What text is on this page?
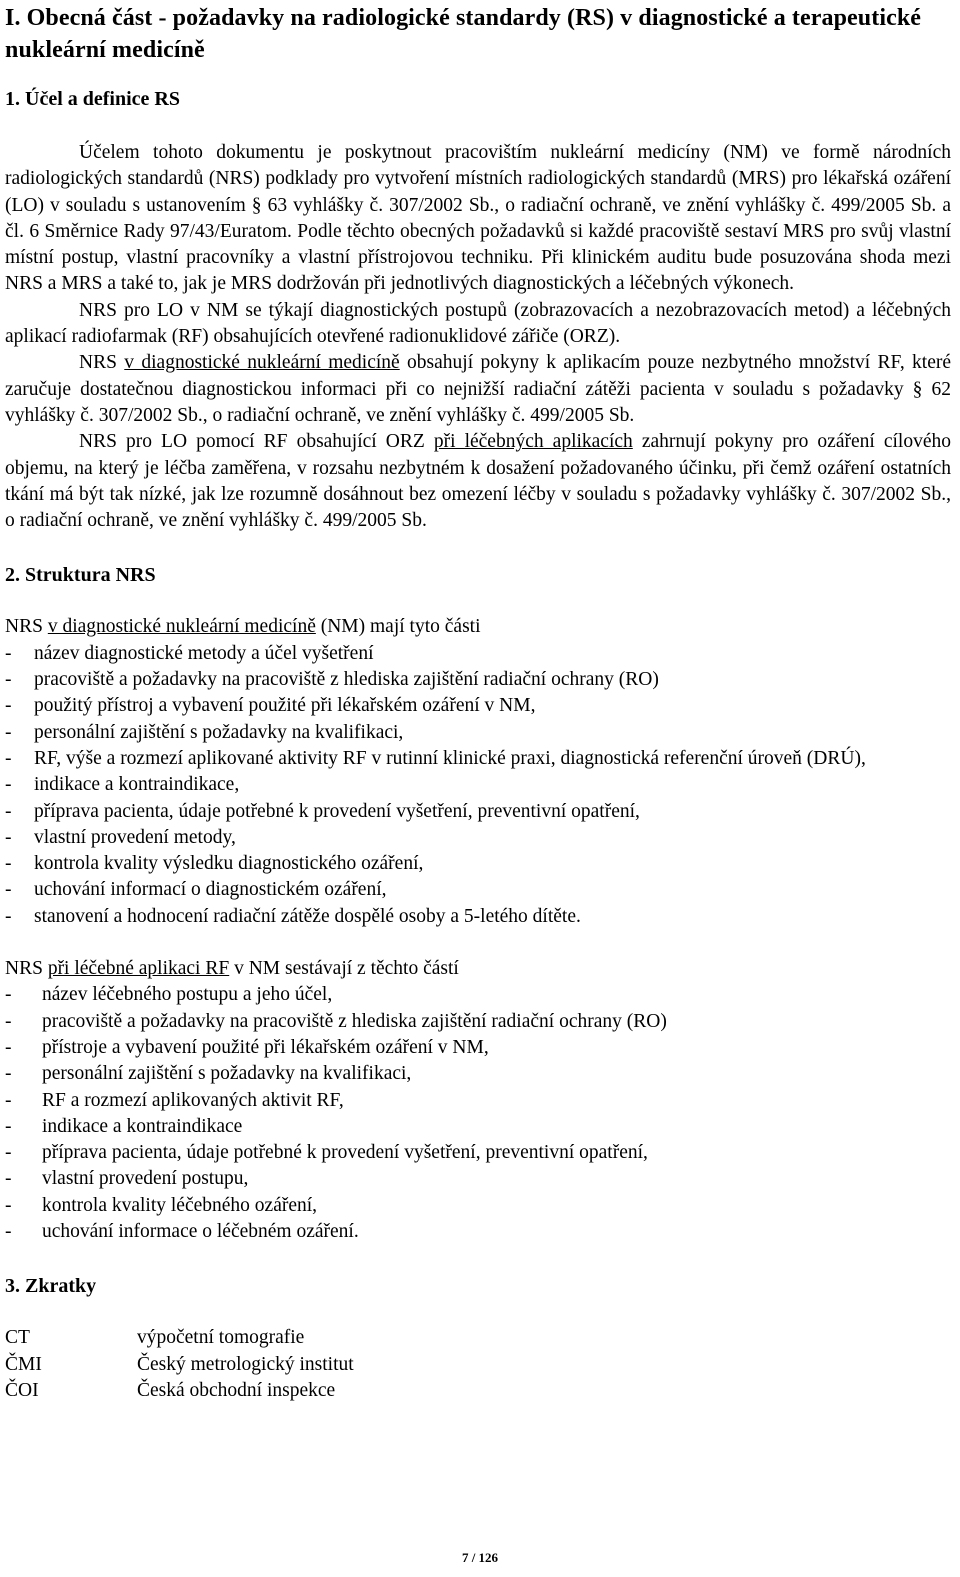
I. Obecná část - požadavky na radiologické standardy (RS) v diagnostické a terapeutické nukleární medicíně
1. Účel a definice RS

Účelem tohoto dokumentu je poskytnout pracovištím nukleární medicíny (NM) ve formě národních radiologických standardů (NRS) podklady pro vytvoření místních radiologických standardů (MRS) pro lékařská ozáření (LO) v souladu s ustanovením § 63 vyhlášky č. 307/2002 Sb., o radiační ochraně, ve znění vyhlášky č. 499/2005 Sb. a čl. 6 Směrnice Rady 97/43/Euratom. Podle těchto obecných požadavků si každé pracoviště sestaví MRS pro svůj vlastní místní postup, vlastní pracovníky a vlastní přístrojovou techniku. Při klinickém auditu bude posuzována shoda mezi NRS a MRS a také to, jak je MRS dodržován při jednotlivých diagnostických a léčebných výkonech.

NRS pro LO v NM se týkají diagnostických postupů (zobrazovacích a nezobrazovacích metod) a léčebných aplikací radiofarmak (RF) obsahujících otevřené radionuklidové zářiče (ORZ).

NRS v diagnostické nukleární medicíně obsahují pokyny k aplikacím pouze nezbytného množství RF, které zaručuje dostatečnou diagnostickou informaci při co nejnižší radiační zátěži pacienta v souladu s požadavky § 62 vyhlášky č. 307/2002 Sb., o radiační ochraně, ve znění vyhlášky č. 499/2005 Sb.

NRS pro LO pomocí RF obsahující ORZ při léčebných aplikacích zahrnují pokyny pro ozáření cílového objemu, na který je léčba zaměřena, v rozsahu nezbytném k dosažení požadovaného účinku, při čemž ozáření ostatních tkání má být tak nízké, jak lze rozumně dosáhnout bez omezení léčby v souladu s požadavky vyhlášky č. 307/2002 Sb., o radiační ochraně, ve znění vyhlášky č. 499/2005 Sb.

2. Struktura NRS

NRS v diagnostické nukleární medicíně (NM) mají tyto části

- název diagnostické metody a účel vyšetření
- pracoviště a požadavky na pracoviště z hlediska zajištění radiační ochrany (RO)
- použitý přístroj a vybavení použité při lékařském ozáření v NM,
- personální zajištění s požadavky na kvalifikaci,
- RF, výše a rozmezí aplikované aktivity RF v rutinní klinické praxi, diagnostická referenční úroveň (DRÚ),
- indikace a kontraindikace,
- příprava pacienta, údaje potřebné k provedení vyšetření, preventivní opatření,
- vlastní provedení metody,
- kontrola kvality výsledku diagnostického ozáření,
- uchování informací o diagnostickém ozáření,
- stanovení a hodnocení radiační zátěže dospělé osoby a 5-letého dítěte.

NRS při léčebné aplikaci RF v NM sestávají z těchto částí

- název léčebného postupu a jeho účel,
- pracoviště a požadavky na pracoviště z hlediska zajištění radiační ochrany (RO)
- přístroje a vybavení použité při lékařském ozáření v NM,
- personální zajištění s požadavky na kvalifikaci,
- RF a rozmezí aplikovaných aktivit RF,
- indikace a kontraindikace
- příprava pacienta, údaje potřebné k provedení vyšetření, preventivní opatření,
- vlastní provedení postupu,
- kontrola kvality léčebného ozáření,
- uchování informace o léčebném ozáření.
3. Zkratky
CT	výpočetní tomografie
ČMI	Český metrologický institut
ČOI	Česká obchodní inspekce
7 / 126
